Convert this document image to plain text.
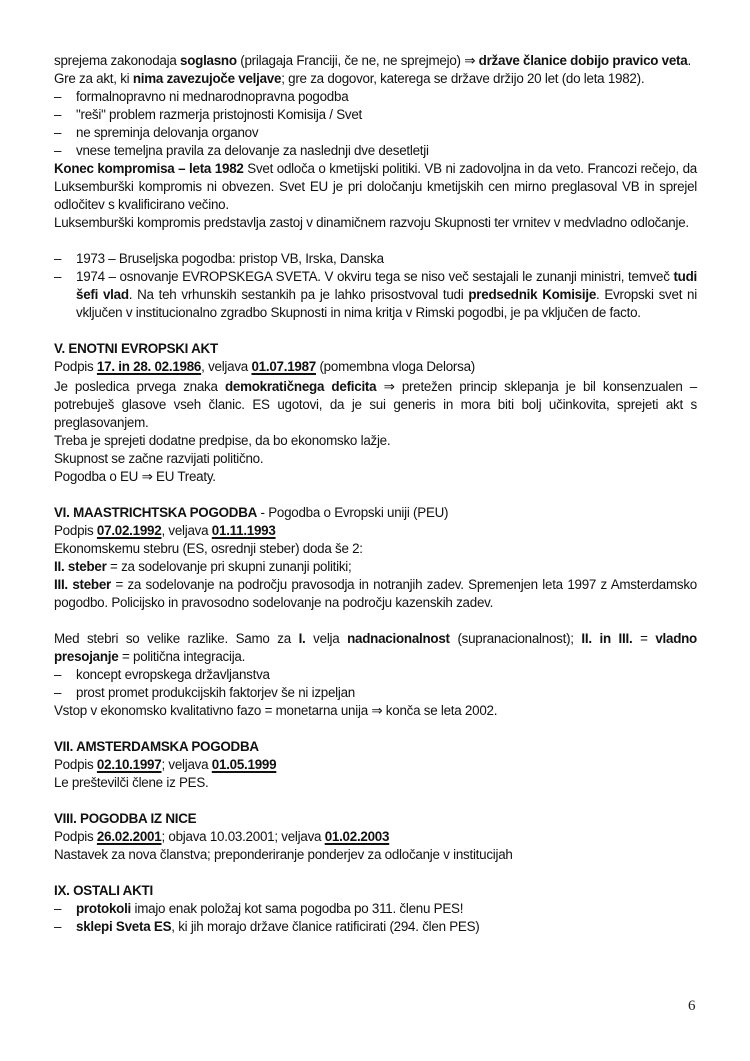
sprejema zakonodaja soglasno (prilagaja Franciji, če ne, ne sprejmejo) ⇒ države članice dobijo pravico veta.

Gre za akt, ki nima zavezujoče veljave; gre za dogovor, katerega se države držijo 20 let (do leta 1982).

– formalnopravno ni mednarodnopravna pogodba

– "reši" problem razmerja pristojnosti Komisija / Svet

– ne spreminja delovanja organov

– vnese temeljna pravila za delovanje za naslednji dve desetletji

Konec kompromisa – leta 1982 Svet odloča o kmetijski politiki. VB ni zadovoljna in da veto. Francozi rečejo, da Luksemburški kompromis ni obvezen. Svet EU je pri določanju kmetijskih cen mirno preglasoval VB in sprejel odločitev s kvalificirano večino.

Luksemburški kompromis predstavlja zastoj v dinamičnem razvoju Skupnosti ter vrnitev v medvladno odločanje.

– 1973 – Bruseljska pogodba: pristop VB, Irska, Danska

– 1974 – osnovanje EVROPSKEGA SVETA. V okviru tega se niso več sestajali le zunanji ministri, temveč tudi šefi vlad. Na teh vrhunskih sestankih pa je lahko prisostvoval tudi predsednik Komisije. Evropski svet ni vključen v institucionalno zgradbo Skupnosti in nima kritja v Rimski pogodbi, je pa vključen de facto.

V. ENOTNI EVROPSKI AKT

Podpis 17. in 28. 02.1986, veljava 01.07.1987 (pomembna vloga Delorsa)

Je posledica prvega znaka demokratičnega deficita ⇒ pretežen princip sklepanja je bil konsenzualen – potrebuješ glasove vseh članic. ES ugotovi, da je sui generis in mora biti bolj učinkovita, sprejeti akt s preglasovanjem.

Treba je sprejeti dodatne predpise, da bo ekonomsko lažje.

Skupnost se začne razvijati politično.

Pogodba o EU ⇒ EU Treaty.

VI. MAASTRICHTSKA POGODBA - Pogodba o Evropski uniji (PEU)

Podpis 07.02.1992, veljava 01.11.1993

Ekonomskemu stebru (ES, osrednji steber) doda še 2:

II. steber = za sodelovanje pri skupni zunanji politiki;

III. steber = za sodelovanje na področju pravosodja in notranjih zadev. Spremenjen leta 1997 z Amsterdamsko pogodbo. Policijsko in pravosodno sodelovanje na področju kazenskih zadev.

Med stebri so velike razlike. Samo za I. velja nadnacionalnost (supranacionalnost); II. in III. = vladno presojanje = politična integracija.

– koncept evropskega državljanstva

– prost promet produkcijskih faktorjev še ni izpeljan

Vstop v ekonomsko kvalitativno fazo = monetarna unija ⇒ konča se leta 2002.

VII. AMSTERDAMSKA POGODBA

Podpis 02.10.1997; veljava 01.05.1999

Le preštevilči člene iz PES.

VIII. POGODBA IZ NICE

Podpis 26.02.2001; objava 10.03.2001; veljava 01.02.2003

Nastavek za nova članstva; preponderiranje ponderjev za odločanje v institucijah

IX. OSTALI AKTI

– protokoli imajo enak položaj kot sama pogodba po 311. členu PES!

– sklepi Sveta ES, ki jih morajo države članice ratificirati (294. člen PES)

6
